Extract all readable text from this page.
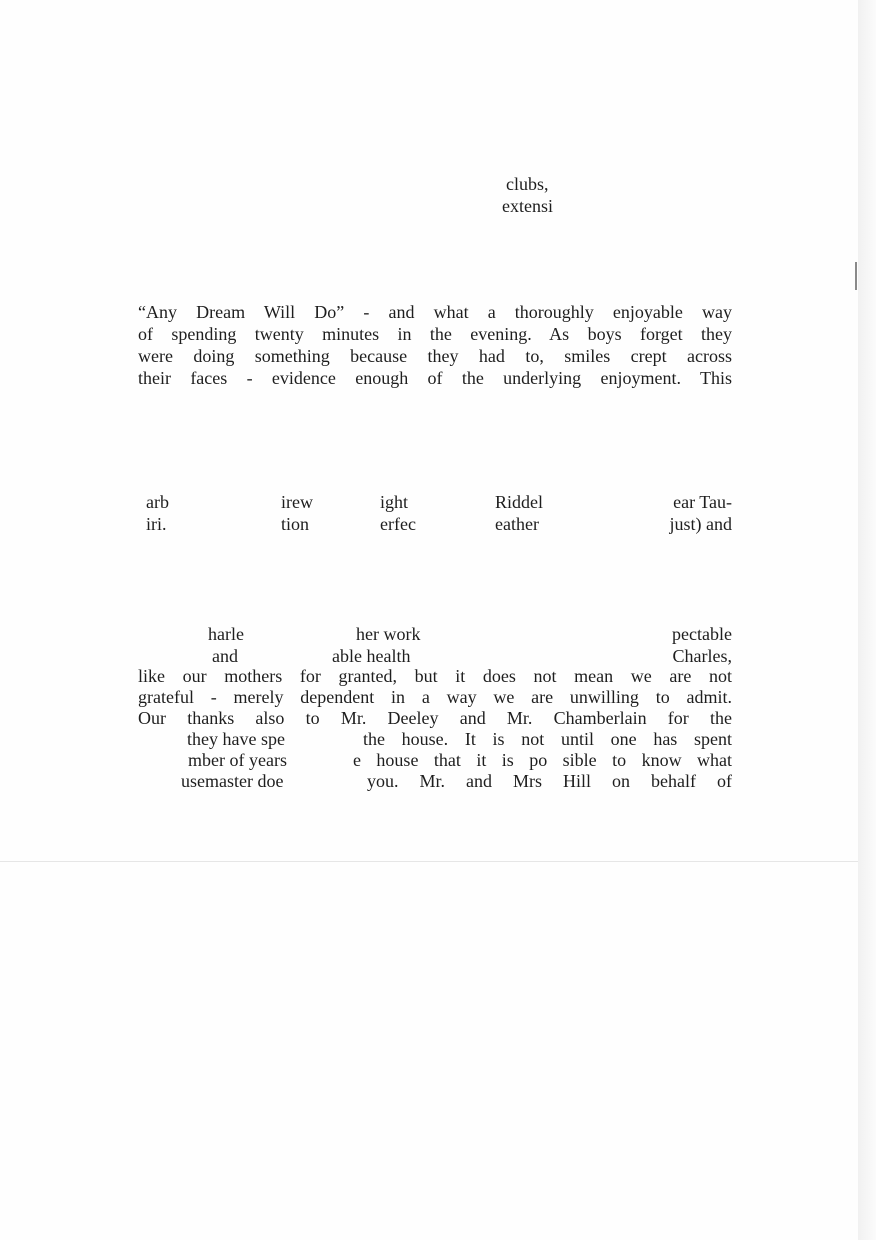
clubs,

extensi

“Any Dream Will Do” - and what a thoroughly enjoyable way

of spending twenty minutes in the evening. As boys forget they

were doing something because they had to, smiles crept across

their faces - evidence enough of the underlying enjoyment. This

arb	irew	ight	Riddel	ear Tau-

iri.	tion	erfec	eather	just) and

harle	her work	pectable

and	able health	Charles,

like our mothers for granted, but it does not mean we are not

grateful - merely dependent in a way we are unwilling to admit.

Our thanks also to Mr. Deeley and Mr. Chamberlain for the

they have spe	the house. It is not until one has spent

mber of years	e house that it is po sible to know what

usemaster doe	you. Mr. and Mrs Hill on behalf of
